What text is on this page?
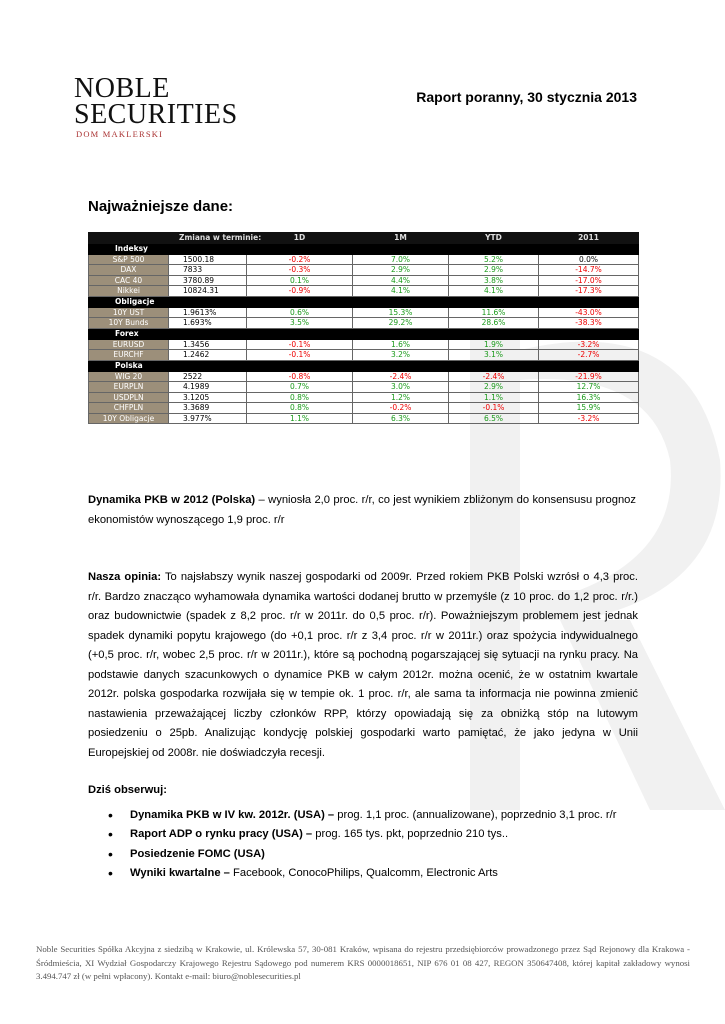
NOBLE
SECURITIES
DOM MAKLERSKI
Raport poranny, 30 stycznia 2013
Najważniejsze dane:
	Zmiana w terminie:	1D	1M	YTD	2011
Indeksy					
S&P 500	1500.18	-0.2%	7.0%	5.2%	0.0%
DAX	7833	-0.3%	2.9%	2.9%	-14.7%
CAC 40	3780.89	0.1%	4.4%	3.8%	-17.0%
Nikkei	10824.31	-0.9%	4.1%	4.1%	-17.3%
Obligacje					
10Y UST	1.9613%	0.6%	15.3%	11.6%	-43.0%
10Y Bunds	1.693%	3.5%	29.2%	28.6%	-38.3%
Forex					
EURUSD	1.3456	-0.1%	1.6%	1.9%	-3.2%
EURCHF	1.2462	-0.1%	3.2%	3.1%	-2.7%
Polska					
WIG 20	2522	-0.8%	-2.4%	-2.4%	-21.9%
EURPLN	4.1989	0.7%	3.0%	2.9%	12.7%
USDPLN	3.1205	0.8%	1.2%	1.1%	16.3%
CHFPLN	3.3689	0.8%	-0.2%	-0.1%	15.9%
10Y Obligacje	3.977%	1.1%	6.3%	6.5%	-3.2%
Dynamika PKB w 2012 (Polska) – wyniosła 2,0 proc. r/r, co jest wynikiem zbliżonym do konsensusu prognoz ekonomistów wynoszącego 1,9 proc. r/r
Nasza opinia: To najsłabszy wynik naszej gospodarki od 2009r. Przed rokiem PKB Polski wzrósł o 4,3 proc. r/r. Bardzo znacząco wyhamowała dynamika wartości dodanej brutto w przemyśle (z 10 proc. do 1,2 proc. r/r.) oraz budownictwie (spadek z 8,2 proc. r/r w 2011r. do 0,5 proc. r/r). Poważniejszym problemem jest jednak spadek dynamiki popytu krajowego (do +0,1 proc. r/r z 3,4 proc. r/r w 2011r.) oraz spożycia indywidualnego (+0,5 proc. r/r, wobec 2,5 proc. r/r w 2011r.), które są pochodną pogarszającej się sytuacji na rynku pracy. Na podstawie danych szacunkowych o dynamice PKB w całym 2012r. można ocenić, że w ostatnim kwartale 2012r. polska gospodarka rozwijała się w tempie ok. 1 proc. r/r, ale sama ta informacja nie powinna zmienić nastawienia przeważającej liczby członków RPP, którzy opowiadają się za obniżką stóp na lutowym posiedzeniu o 25pb. Analizując kondycję polskiej gospodarki warto pamiętać, że jako jedyna w Unii Europejskiej od 2008r. nie doświadczyła recesji.
Dziś obserwuj:
• Dynamika PKB w IV kw. 2012r. (USA) – prog. 1,1 proc. (annualizowane), poprzednio 3,1 proc. r/r
• Raport ADP o rynku pracy (USA) – prog. 165 tys. pkt, poprzednio 210 tys..
• Posiedzenie FOMC (USA)
• Wyniki kwartalne – Facebook, ConocoPhilips, Qualcomm, Electronic Arts
Noble Securities Spółka Akcyjna z siedzibą w Krakowie, ul. Królewska 57, 30-081 Kraków, wpisana do rejestru przedsiębiorców prowadzonego przez Sąd Rejonowy dla Krakowa - Śródmieścia, XI Wydział Gospodarczy Krajowego Rejestru Sądowego pod numerem KRS 0000018651, NIP 676 01 08 427, REGON 350647408, której kapitał zakładowy wynosi 3.494.747 zł (w pełni wpłacony). Kontakt e-mail: biuro@noblesecurities.pl
